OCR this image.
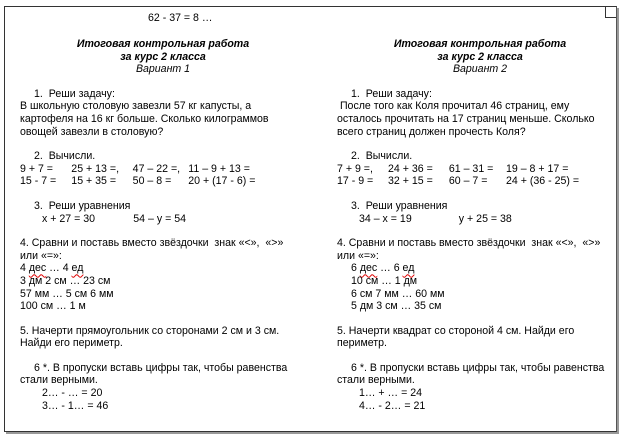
62 - 37 = 8 …
Итоговая контрольная работа
за курс 2 класса
Вариант 1

1.  Реши задачу:

В школьную столовую завезли 57 кг капусты, а

картофеля на 16 кг больше. Сколько килограммов

овощей завезли в столовую?

2.  Вычисли.

9 + 7 =	25 + 13 =,	47 – 22 =,	11 – 9 + 13 =
15 - 7 =	15 + 35 =	50 – 8 =	20 + (17 - 6) =

3.  Реши уравнения

x + 27 = 30             54 – y = 54

4. Сравни и поставь вместо звёздочки  знак «<»,  «>»

или «=»:

4 дес … 4 ед

3 дм 2 см … 23 см

57 мм … 5 см 6 мм

100 см … 1 м

5. Начерти прямоугольник со сторонами 2 см и 3 см.

Найди его периметр.

6 *. В пропуски вставь цифры так, чтобы равенства

стали верными.

2… - … = 20

3… - 1… = 46

Итоговая контрольная работа
за курс 2 класса
Вариант 2

1.  Реши задачу:

После того как Коля прочитал 46 страниц, ему

осталось прочитать на 17 страниц меньше. Сколько

всего страниц должен прочесть Коля?

2.  Вычисли.

7 + 9 =,	24 + 36 =	61 – 31 =	19 – 8 + 17 =
17 - 9 =	32 + 15 =	60 – 7 =	24 + (36 - 25) =

3.  Реши уравнения

34 – x = 19                y + 25 = 38

4. Сравни и поставь вместо звёздочки  знак «<»,  «>»

или «=»:

6 дес … 6 ед

10 см … 1 дм

6 см 7 мм … 60 мм

5 дм 3 см … 35 см

5. Начерти квадрат со стороной 4 см. Найди его

периметр.

6 *. В пропуски вставь цифры так, чтобы равенства

стали верными.

1… + … = 24

4… - 2… = 21
